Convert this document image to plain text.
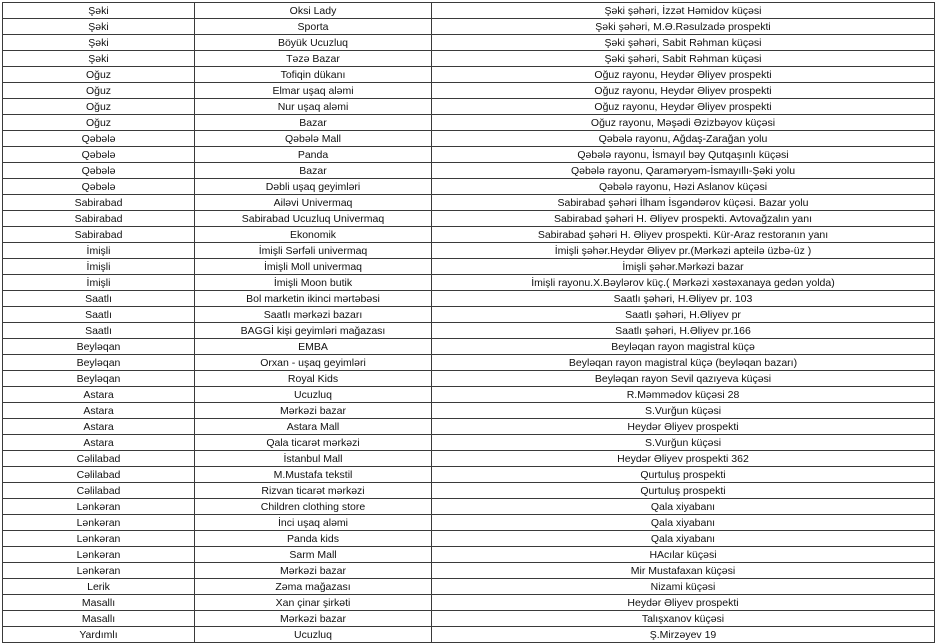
Şəki	Oksi Lady	Şəki şəhəri, İzzət Həmidov küçəsi
Şəki	Sporta	Şəki şəhəri, M.Ə.Rəsulzadə prospekti
Şəki	Böyük Ucuzluq	Şəki şəhəri, Sabit Rəhman küçəsi
Şəki	Təzə Bazar	Şəki şəhəri, Sabit Rəhman küçəsi
Oğuz	Tofiqin dükanı	Oğuz rayonu, Heydər Əliyev prospekti
Oğuz	Elmar uşaq aləmi	Oğuz rayonu, Heydər Əliyev prospekti
Oğuz	Nur uşaq aləmi	Oğuz rayonu, Heydər Əliyev prospekti
Oğuz	Bazar	Oğuz rayonu, Məşədi Əzizbəyov küçəsi
Qəbələ	Qəbələ Mall	Qəbələ rayonu, Ağdaş-Zarağan yolu
Qəbələ	Panda	Qəbələ rayonu, İsmayıl bəy Qutqaşınlı küçəsi
Qəbələ	Bazar	Qəbələ rayonu, Qaraməryəm-İsmayıllı-Şəki yolu
Qəbələ	Dəbli uşaq geyimləri	Qəbələ rayonu, Həzi Aslanov küçəsi
Sabirabad	Ailəvi Univermaq	Sabirabad şəhəri İlham İsgəndərov küçəsi. Bazar yolu
Sabirabad	Sabirabad Ucuzluq Univermaq	Sabirabad şəhəri H. Əliyev prospekti. Avtovağzalın yanı
Sabirabad	Ekonomik	Sabirabad şəhəri H. Əliyev prospekti. Kür-Araz restoranın yanı
İmişli	İmişli Sərfəli univermaq	İmişli şəhər.Heydər Əliyev pr.(Mərkəzi apteilə üzbə-üz )
İmişli	İmişli Moll univermaq	İmişli şəhər.Mərkəzi bazar
İmişli	İmişli Moon butik	İmişli rayonu.X.Bəylərov küç.( Mərkəzi xəstəxanaya gedən yolda)
Saatlı	Bol marketin ikinci mərtəbəsi	Saatlı şəhəri, H.Əliyev pr. 103
Saatlı	Saatlı mərkəzi bazarı	Saatlı şəhəri, H.Əliyev pr
Saatlı	BAGGİ kişi geyimləri mağazası	Saatlı şəhəri, H.Əliyev pr.166
Beyləqan	EMBA	Beyləqan rayon magistral küçə
Beyləqan	Orxan - uşaq geyimləri	Beyləqan rayon magistral küçə (beyləqan bazarı)
Beyləqan	Royal Kids	Beyləqan rayon Sevil qazıyeva küçəsi
Astara	Ucuzluq	R.Məmmədov küçəsi 28
Astara	Mərkəzi bazar	S.Vurğun küçəsi
Astara	Astara Mall	Heydər Əliyev prospekti
Astara	Qala ticarət mərkəzi	S.Vurğun küçəsi
Cəlilabad	İstanbul Mall	Heydər Əliyev prospekti 362
Cəlilabad	M.Mustafa tekstil	Qurtuluş prospekti
Cəlilabad	Rizvan ticarət mərkəzi	Qurtuluş prospekti
Lənkəran	Children clothing store	Qala xiyabanı
Lənkəran	İnci uşaq aləmi	Qala xiyabanı
Lənkəran	Panda kids	Qala xiyabanı
Lənkəran	Sarm Mall	HAcılar küçəsi
Lənkəran	Mərkəzi bazar	Mir Mustafaxan küçəsi
Lerik	Zəma mağazası	Nizami küçəsi
Masallı	Xan çinar şirkəti	Heydər Əliyev prospekti
Masallı	Mərkəzi bazar	Talışxanov küçəsi
Yardımlı	Ucuzluq	Ş.Mirzəyev 19
